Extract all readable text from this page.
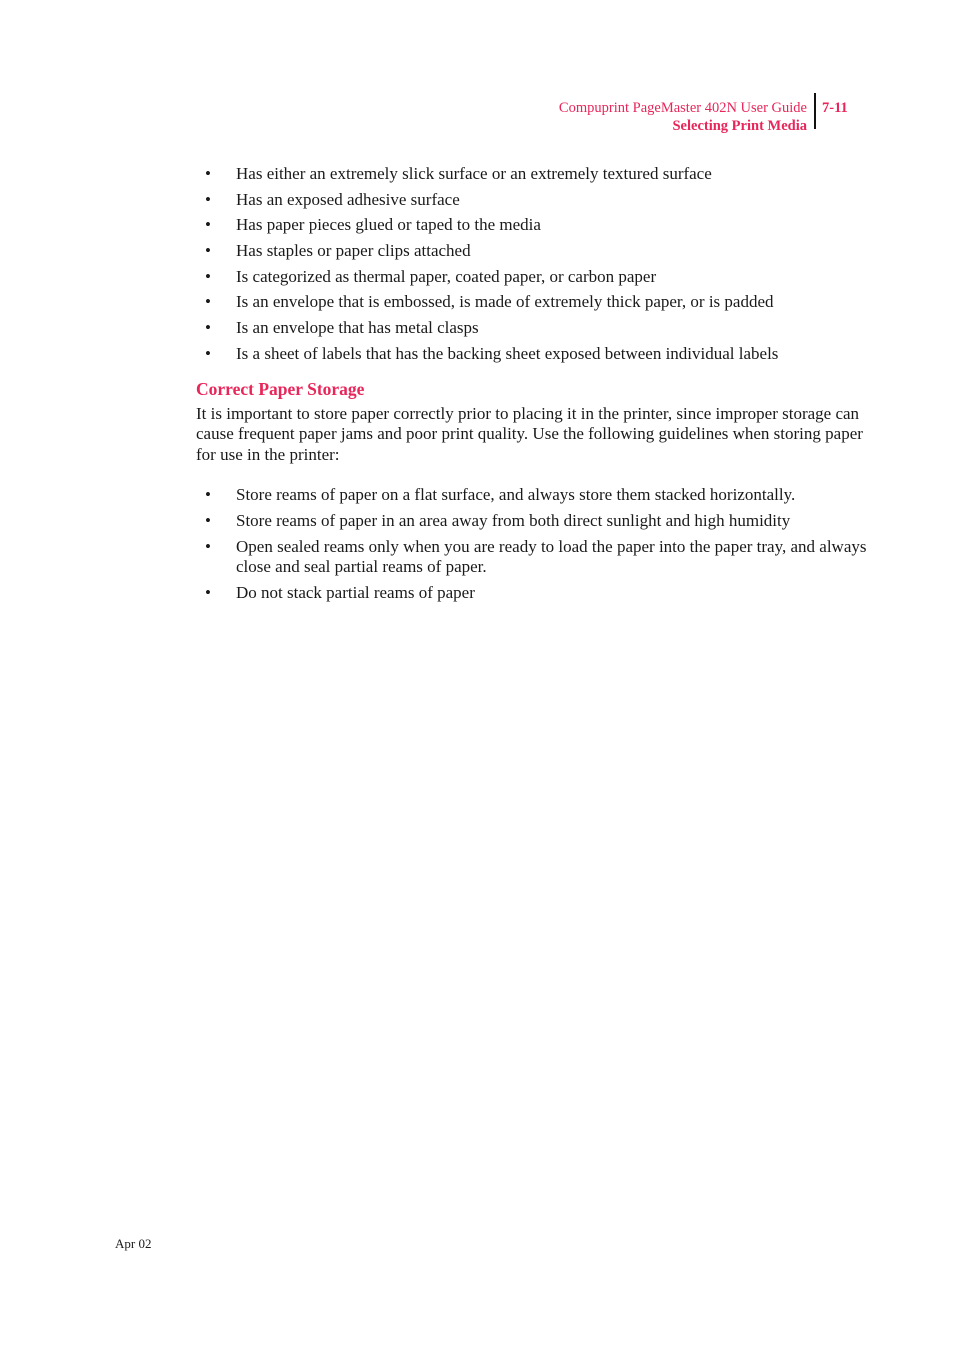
Compuprint PageMaster 402N User Guide
Selecting Print Media
7-11
• Has either an extremely slick surface or an extremely textured surface
• Has an exposed adhesive surface
• Has paper pieces glued or taped to the media
• Has staples or paper clips attached
• Is categorized as thermal paper, coated paper, or carbon paper
• Is an envelope that is embossed, is made of extremely thick paper, or is padded
• Is an envelope that has metal clasps
• Is a sheet of labels that has the backing sheet exposed between individual labels
Correct Paper Storage

It is important to store paper correctly prior to placing it in the printer, since improper storage can cause frequent paper jams and poor print quality. Use the following guidelines when storing paper for use in the printer:

• Store reams of paper on a flat surface, and always store them stacked horizontally.
• Store reams of paper in an area away from both direct sunlight and high humidity
• Open sealed reams only when you are ready to load the paper into the paper tray, and always close and seal partial reams of paper.
• Do not stack partial reams of paper
Apr 02
